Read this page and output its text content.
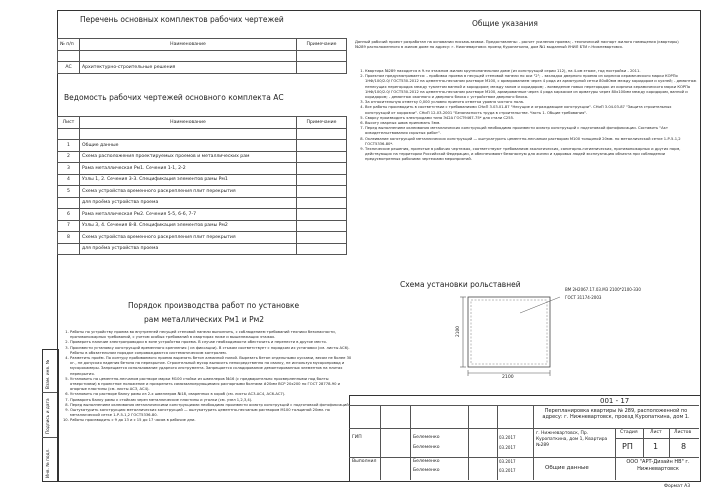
Инв. № подл.
Подпись и дата
Взам. инв. №
Перечень основных комплектов рабочих чертежей
№ п/п	Наименование	Примечание

АС	Архитектурно-строительные решения	
Ведомость рабочих чертежей основного комплекта АС
Лист	Наименование	Примечание

1	Общие данные	
2	Схема расположения проектируемых проемов и металлических рам	
3	Рама металлическая Рм1. Сечения 1-1, 2-2	
4	Узлы 1, 2. Сечения 3-3. Спецификация элементов рамы Рм1	
5	Схема устройства временного раскрепления плит перекрытия	
	для проёма устройства проема	
6	Рама металлическая Рм2. Сечения 5-5, 6-6, 7-7	
7	Узлы 3, 4. Сечения 8-8. Спецификация элементов рамы Рм2	
8	Схема устройства временного раскрепления плит перекрытия	
	для проёма устройства проема	
Порядок производства работ по установке
рам металлических Рм1 и Рм2
1. Работы по устройству проема во внутренней несущей стеновой панели выполнить, с соблюдением требований техники безопасности, противопожарных требований, с учетом особых требований в квартирах ниже и вышележащих этажах.
2. Проверить наличие электропроводки в зоне устройства проема. В случае необходимости обесточить и перенести в другое место.
3. Произвести установку конструкций временного крепления ( из фиксации). В стыкам соответствует с порядком их установки (см. листы АС6). Работы в обязательном порядке сопровождаются систематическим контролем.
4. Разметить проём. По контуру пробиваемого проема вырезать бетон алмазной пилой. Вырезать бетон отдельными кусками, весом не более 30 кг., не допуская падения бетона на перекрытие. Строительный мусор выносить непосредственно на свалку, не используя мусоропровод и мусорокамеры. Запрещается использование ударного инструмента. Запрещается складирование демонтированных элементов на плитах перекрытия.
5. Установить на цементно-песчаном растворе марки М100 стойки из швеллеров №16 (с предварительно просверленными под болты отверстиями) в проектное положение и прикрепить самозаанкерующимися распорными болтами #20мм ВСР 20х200 по ГОСТ 28778-90 и опорные пластины (см. листы АС3, АС4).
6. Установить на растворе балку рамы из 2-х швеллеров №18, сваренных в короб (см. листы АС3-АС4, АС6-АС7).
7. Приварить балку рамы к стойкам через металлические пластины и уголки (см. узел 1,2,3,4).
8. Перед выполнением оклеивания металлическими конструкциями необходимо произвести осмотр конструкций с подготовкой фотофиксаций.
9. Оштукатурить конструкцию металлических конструкций — оштукатурить цементно-песчаным раствором М100 толщиной 20мм. по металлической сетке 1-Р-5-1,2 ГОСТ5336-80.
10. Работы производить с 9 до 13 и с 15 до 17 часов в рабочие дни.
Общие указания
Данный рабочий проект разработан на основании письма-заявки. Предоставлены: - расчет усиления проема; - технический паспорт жилого помещения (квартиры) №289 расположенного в жилом доме по адресу: г. Нижневартовск проезд Куропаткина, дом №1 выданный УНИЛ БТИ г.Нижневартовск.
1. Квартира №289 находится в 9-ти этажном жилом крупнопанельном доме (из конструкций серии 112), на 4-ом этаже, год постройки - 2011.
2. Проектом предусматривается: - пробивка проема в несущей стеновой панели по оси "2"; - закладка дверного проема из кирпича керамического марки КОРПо 1НФ/100/2.0/ ГОСТ530-2012 на цементно-песчаном растворе М100, с армированием через 4 ряда из арматурной сетки 80х80мм между коридором и кухней; - демонтаж ненесущих перегородок между туалетом ванной и коридором; между залом и коридором; - возведение новых перегородок из кирпича керамического марки КОРПо 1НФ/100/2.0/ ГОСТ530-2012 на цементно-песчаном растворе М100, армированные через 4 ряда каркасом из арматуры через 80х100мм между коридором, ванной и коридором; - демонтаж оконного и дверного блока с устройством дверного блока.
3. За относительную отметку 0,000 условно принята отметка уровня чистого пола.
4. Все работы производить в соответствии с требованиями СНиП 3.03.01-87 "Несущие и ограждающие конструкции". СНиП 3.04.03-87 "Защита строительных конструкций от коррозии". СНиП 12-03-2001 "Безопасность труда в строительстве. Часть 1. Общие требования".
5. Сварку производить электродами типа Э42А ГОСТ9467-75* для стали С255.
6. Высоту сварных швов принимать 5мм.
7. Перед выполнением оклеивания металлических конструкций необходимо произвести осмотр конструкций с подготовкой фотофиксации. Составить "Акт освидетельствования скрытых работ".
8. Оклеивание конструкций металлических конструкций — оштукатурить цементно-песчаным раствором М100 толщиной 20мм. по металлической сетке 1-Р-5-1,2 ГОСТ5336-80*.
9. Технические решения, принятые в рабочих чертежах, соответствуют требованиям экологических, санитарно-гигиенических, противопожарных и других норм, действующих на территории Российской Федерации, и обеспечивают безопасную для жизни и здоровья людей эксплуатацию объекта при соблюдении предусмотренных рабочими чертежами мероприятий.
Схема установки рольставней
ВМ 2Н2067.17.03.М3 2100*2100-330
ГОСТ 31174-2003
2100
2100
001 - 17
Перепланировка квартиры № 289, расположенной по адресу: г. Нижневартовск, проезд Куропаткина, дом 1.
г. Нижневартовск, Пр. Куропаткина, дом 1, Квартира №289
Стадия	Лист	Листов
РП	1	8
Общие данные
ООО "АРТ-Дизайн НВ" г. Нижневартовск
ГИП	Белеменко	03.2017
Белеменко	03.2017
Выполнил	Белеменко	03.2017
Белеменко	03.2017
Формат А3
